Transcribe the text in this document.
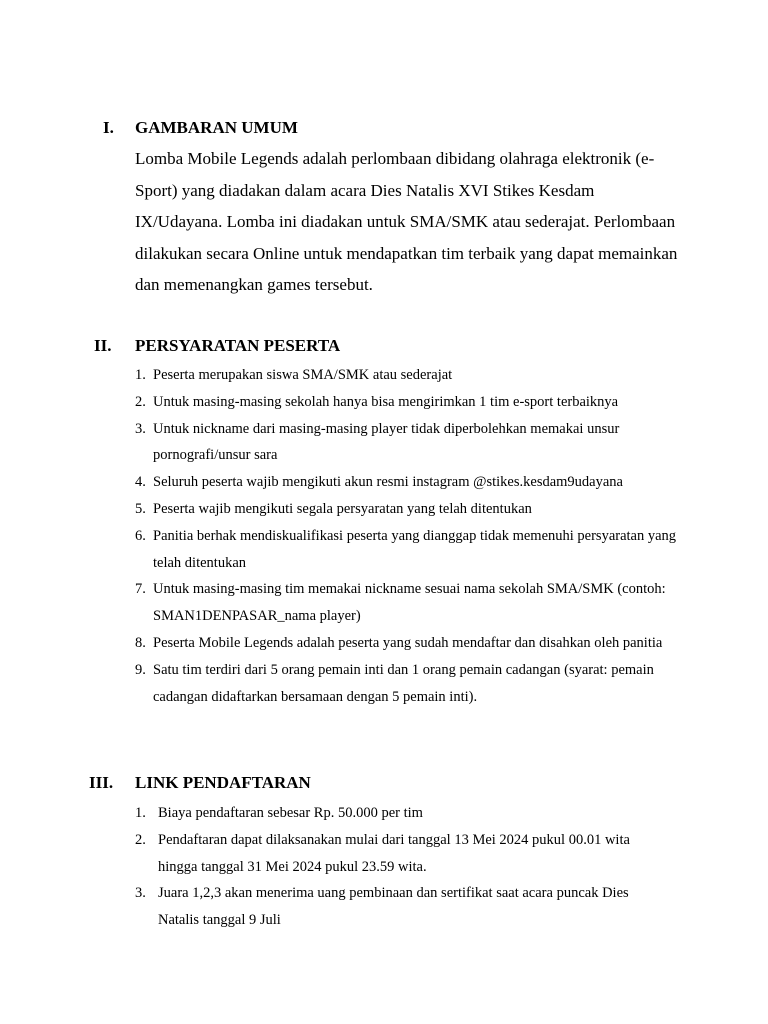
I. GAMBARAN UMUM

Lomba Mobile Legends adalah perlombaan dibidang olahraga elektronik (e-Sport) yang diadakan dalam acara Dies Natalis XVI Stikes Kesdam IX/Udayana. Lomba ini diadakan untuk SMA/SMK atau sederajat. Perlombaan dilakukan secara Online untuk mendapatkan tim terbaik yang dapat memainkan dan memenangkan games tersebut.

II. PERSYARATAN PESERTA
1. Peserta merupakan siswa SMA/SMK atau sederajat
2. Untuk masing-masing sekolah hanya bisa mengirimkan 1 tim e-sport terbaiknya
3. Untuk nickname dari masing-masing player tidak diperbolehkan memakai unsur pornografi/unsur sara
4. Seluruh peserta wajib mengikuti akun resmi instagram @stikes.kesdam9udayana
5. Peserta wajib mengikuti segala persyaratan yang telah ditentukan
6. Panitia berhak mendiskualifikasi peserta yang dianggap tidak memenuhi persyaratan yang telah ditentukan
7. Untuk masing-masing tim memakai nickname sesuai nama sekolah SMA/SMK (contoh: SMAN1DENPASAR_nama player)
8. Peserta Mobile Legends adalah peserta yang sudah mendaftar dan disahkan oleh panitia
9. Satu tim terdiri dari 5 orang pemain inti dan 1 orang pemain cadangan (syarat: pemain cadangan didaftarkan bersamaan dengan 5 pemain inti).
III. LINK PENDAFTARAN
1. Biaya pendaftaran sebesar Rp. 50.000 per tim
2. Pendaftaran dapat dilaksanakan mulai dari tanggal 13 Mei 2024 pukul 00.01 wita hingga tanggal 31 Mei 2024 pukul 23.59 wita.
3. Juara 1,2,3 akan menerima uang pembinaan dan sertifikat saat acara puncak Dies Natalis tanggal 9 Juli
